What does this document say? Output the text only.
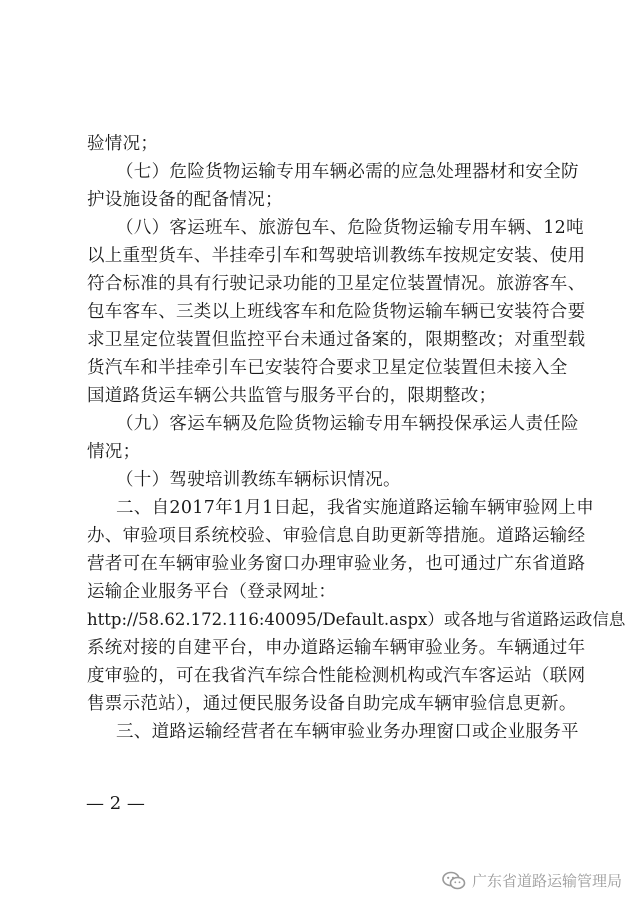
验情况；
（七）危险货物运输专用车辆必需的应急处理器材和安全防
护设施设备的配备情况；
（八）客运班车、旅游包车、危险货物运输专用车辆、12吨
以上重型货车、半挂牵引车和驾驶培训教练车按规定安装、使用
符合标准的具有行驶记录功能的卫星定位装置情况。旅游客车、
包车客车、三类以上班线客车和危险货物运输车辆已安装符合要
求卫星定位装置但监控平台未通过备案的，限期整改；对重型载
货汽车和半挂牵引车已安装符合要求卫星定位装置但未接入全
国道路货运车辆公共监管与服务平台的，限期整改；
（九）客运车辆及危险货物运输专用车辆投保承运人责任险
情况；
（十）驾驶培训教练车辆标识情况。
二、自2017年1月1日起，我省实施道路运输车辆审验网上申
办、审验项目系统校验、审验信息自助更新等措施。道路运输经
营者可在车辆审验业务窗口办理审验业务，也可通过广东省道路
运输企业服务平台（登录网址：
http://58.62.172.116:40095/Default.aspx）或各地与省道路运政信息
系统对接的自建平台，申办道路运输车辆审验业务。车辆通过年
度审验的，可在我省汽车综合性能检测机构或汽车客运站（联网
售票示范站），通过便民服务设备自助完成车辆审验信息更新。
三、道路运输经营者在车辆审验业务办理窗口或企业服务平
— 2 —
广东省道路运输管理局
